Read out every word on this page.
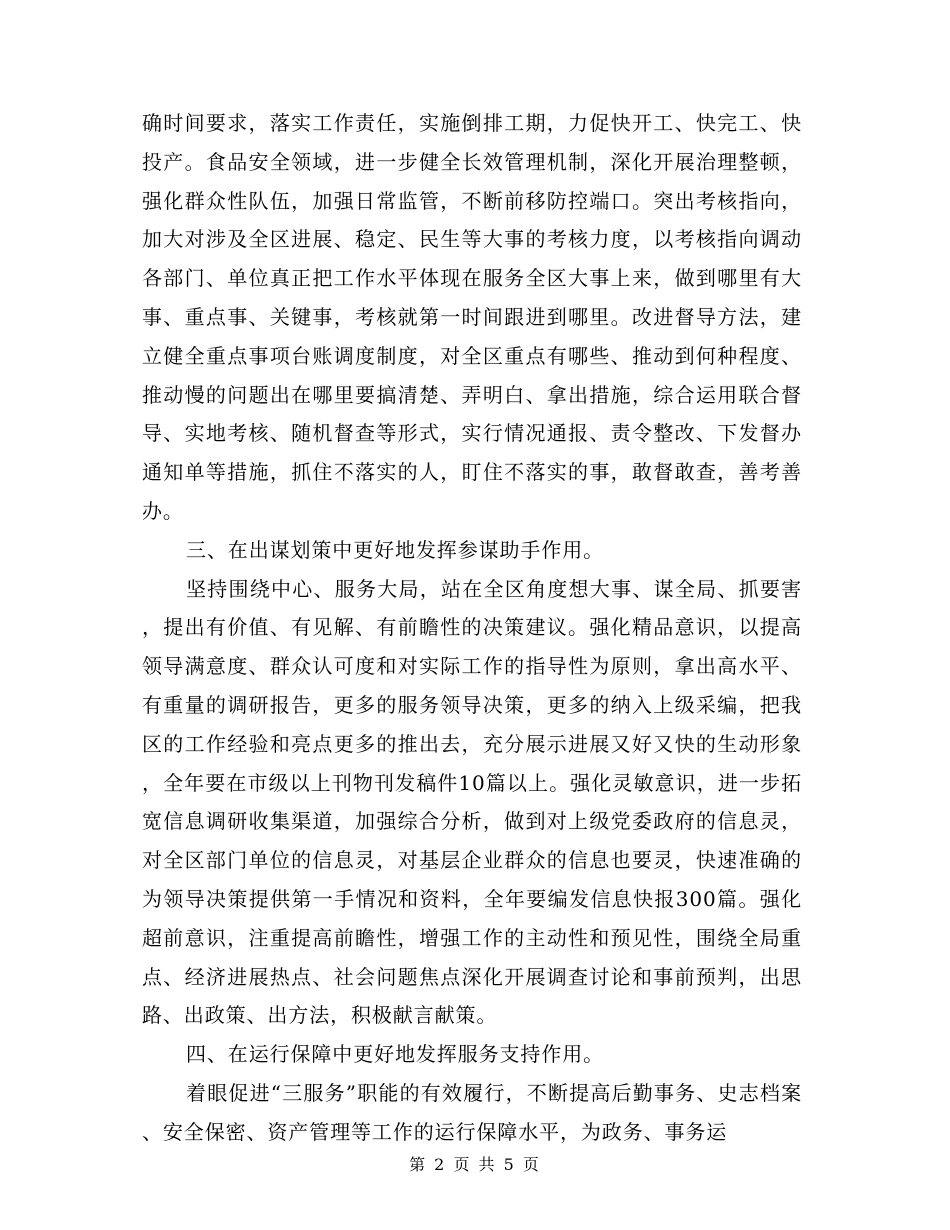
确时间要求，落实工作责任，实施倒排工期，力促快开工、快完工、快投产。食品安全领域，进一步健全长效管理机制，深化开展治理整顿，强化群众性队伍，加强日常监管，不断前移防控端口。突出考核指向，加大对涉及全区进展、稳定、民生等大事的考核力度，以考核指向调动各部门、单位真正把工作水平体现在服务全区大事上来，做到哪里有大事、重点事、关键事，考核就第一时间跟进到哪里。改进督导方法，建立健全重点事项台账调度制度，对全区重点有哪些、推动到何种程度、推动慢的问题出在哪里要搞清楚、弄明白、拿出措施，综合运用联合督导、实地考核、随机督查等形式，实行情况通报、责令整改、下发督办通知单等措施，抓住不落实的人，盯住不落实的事，敢督敢查，善考善办。

三、在出谋划策中更好地发挥参谋助手作用。

坚持围绕中心、服务大局，站在全区角度想大事、谋全局、抓要害，提出有价值、有见解、有前瞻性的决策建议。强化精品意识，以提高领导满意度、群众认可度和对实际工作的指导性为原则，拿出高水平、有重量的调研报告，更多的服务领导决策，更多的纳入上级采编，把我区的工作经验和亮点更多的推出去，充分展示进展又好又快的生动形象，全年要在市级以上刊物刊发稿件10篇以上。强化灵敏意识，进一步拓宽信息调研收集渠道，加强综合分析，做到对上级党委政府的信息灵，对全区部门单位的信息灵，对基层企业群众的信息也要灵，快速准确的为领导决策提供第一手情况和资料，全年要编发信息快报300篇。强化超前意识，注重提高前瞻性，增强工作的主动性和预见性，围绕全局重点、经济进展热点、社会问题焦点深化开展调查讨论和事前预判，出思路、出政策、出方法，积极献言献策。

四、在运行保障中更好地发挥服务支持作用。

着眼促进“三服务”职能的有效履行，不断提高后勤事务、史志档案、安全保密、资产管理等工作的运行保障水平，为政务、事务运

第 2 页 共 5 页
